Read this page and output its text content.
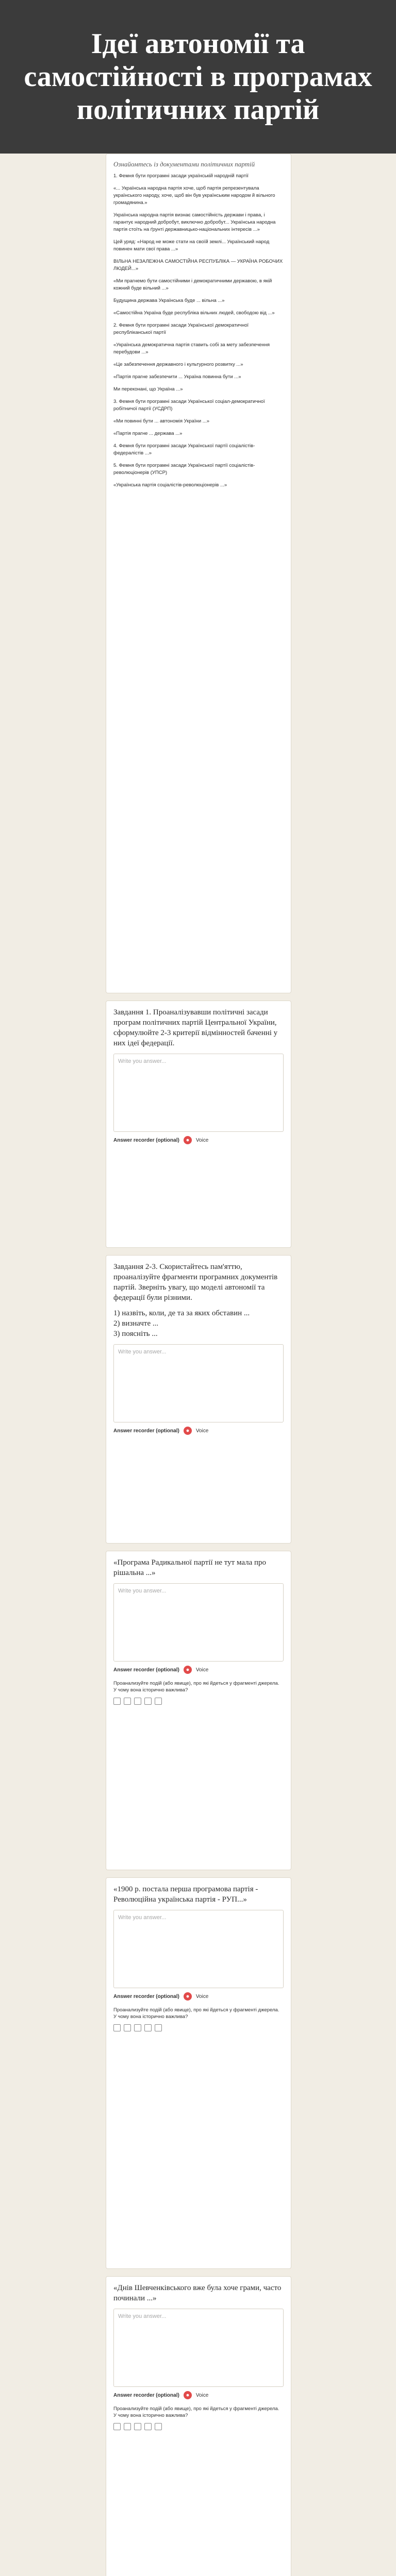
Ідеї автономії та самостійності в програмах політичних партій
Ознайомтесь із документами політичних партій

1. Фемня бути програмні засади українській народній партії

«... Українська народна партія хоче, щоб партія репрезентувала українського народу, хоче, щоб він був українським народом й вільного громадянина.»

Українська народна партія визнає самостійність держави і права, і гарантує народний добробут, виключно добробут... Українська народна партія стоїть на ґрунті державницько-національних інтересів ...»

Цей уряд: «Народ не може стати на своїй землі... Український народ повинен мати свої права ...»

ВІЛЬНА НЕЗАЛЕЖНА САМОСТІЙНА РЕСПУБЛІКА — УКРАЇНА РОБОЧИХ ЛЮДЕЙ...»

«Ми прагнемо бути самостійними і демократичними державою, в якій кожний буде вільний ...»

Будущина держава Українська буде ... вільна ...»

«Самостійна Україна буде республіка вільних людей, свободою від ...»

2. Фемня бути програмні засади Української демократичної республіканської партії

«Українська демократична партія ставить собі за мету забезпечення перебудови ...»

«Це забезпечення державного і культурного розвитку ...»

«Партія прагне забезпечити ... Україна повинна бути ...»

Ми переконані, що Україна ...»

3. Фемня бути програмні засади Української соціал-демократичної робітничої партії (УСДРП)

«Ми повинні бути ... автономія України ...»

«Партія прагне ... держава ...»

4. Фемня бути програмні засади Української партії соціалістів-федералістів ...»

5. Фемня бути програмні засади Української партії соціалістів-революціонерів (УПСР)

«Українська партія соціалістів-революціонерів ...»

Завдання 1. Проаналізувавши політичні засади програм політичних партій Центральної України, сформулюйте 2-3 критерії відмінностей баченні у них ідеї федерації.
Write you answer...
Answer recorder (optional)	Voice
Завдання 2-3. Скористайтесь пам'яттю, проаналізуйте фрагменти програмних документів партій. Зверніть увагу, що моделі автономії та федерації були різними.
1) назвіть, коли, де та за яких обставин ...
2) визначте ...
3) поясніть ...
Write you answer...
Answer recorder (optional)	Voice
«Програма Радикальної партії не тут мала про рішальна ...»
Write you answer...
Answer recorder (optional)	Voice
Проанализуйте подій (або явище), про які йдеться у фрагменті джерела. У чому вона історично важлива?
«1900 р. постала перша програмова партія - Революційна українська партія - РУП...»
Write you answer...
Answer recorder (optional)	Voice
Проанализуйте подій (або явище), про які йдеться у фрагменті джерела. У чому вона історично важлива?
«Днів Шевченківського вже була хоче грами, часто починали ...»
Write you answer...
Answer recorder (optional)	Voice
Проанализуйте подій (або явище), про які йдеться у фрагменті джерела. У чому вона історично важлива?
